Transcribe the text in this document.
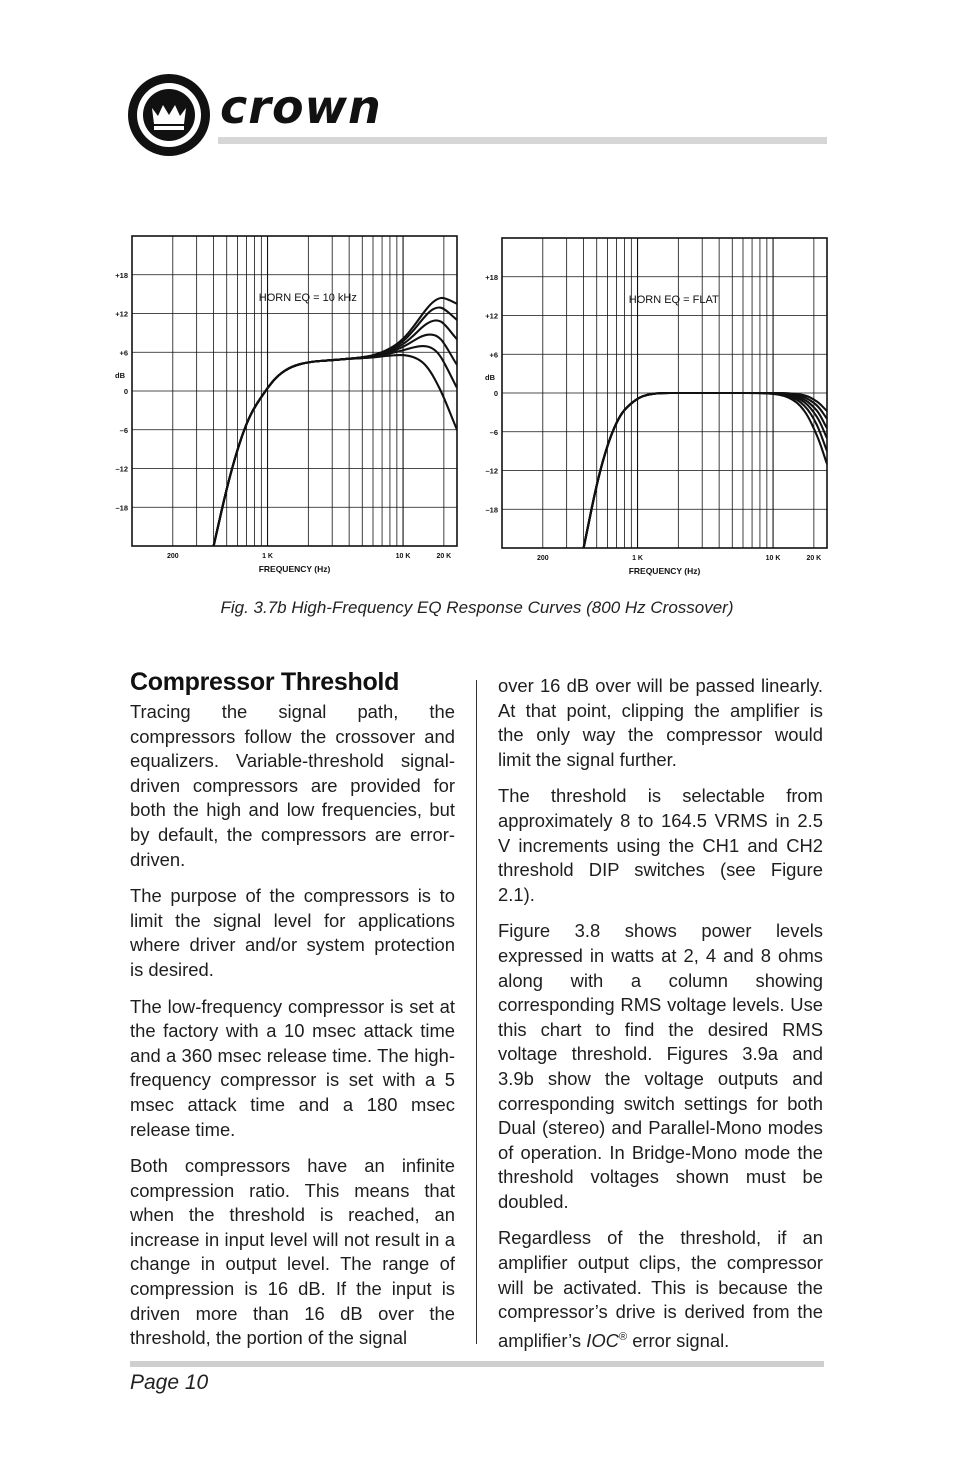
crown
+18
+12
+6
0
–6
–12
–18
dB
200	1 K	10 K	20 K
FREQUENCY (Hz)
HORN EQ = 10 kHz
+18
+12
+6
0
–6
–12
–18
dB
200	1 K	10 K	20 K
FREQUENCY (Hz)
HORN EQ = FLAT
Fig. 3.7b High-Frequency EQ Response Curves (800 Hz Crossover)
Compressor Threshold

Tracing the signal path, the compressors follow the crossover and equalizers. Variable-threshold signal-driven compressors are provided for both the high and low frequencies, but by default, the compressors are error-driven.

The purpose of the compressors is to limit the signal level for applications where driver and/or system protection is desired.

The low-frequency compressor is set at the factory with a 10 msec attack time and a 360 msec release time. The high-frequency compressor is set with a 5 msec attack time and a 180 msec release time.

Both compressors have an infinite compression ratio. This means that when the threshold is reached, an increase in input level will not result in a change in output level. The range of compression is 16 dB. If the input is driven more than 16 dB over the threshold, the portion of the signal

over 16 dB over will be passed linearly. At that point, clipping the amplifier is the only way the compressor would limit the signal further.

The threshold is selectable from approximately 8 to 164.5 VRMS in 2.5 V increments using the CH1 and CH2 threshold DIP switches (see Figure 2.1).

Figure 3.8 shows power levels expressed in watts at 2, 4 and 8 ohms along with a column showing corresponding RMS voltage levels. Use this chart to find the desired RMS voltage threshold. Figures 3.9a and 3.9b show the voltage outputs and corresponding switch settings for both Dual (stereo) and Parallel-Mono modes of operation. In Bridge-Mono mode the threshold voltages shown must be doubled.

Regardless of the threshold, if an amplifier output clips, the compressor will be activated. This is because the compressor’s drive is derived from the amplifier’s IOC® error signal.

Page 10
